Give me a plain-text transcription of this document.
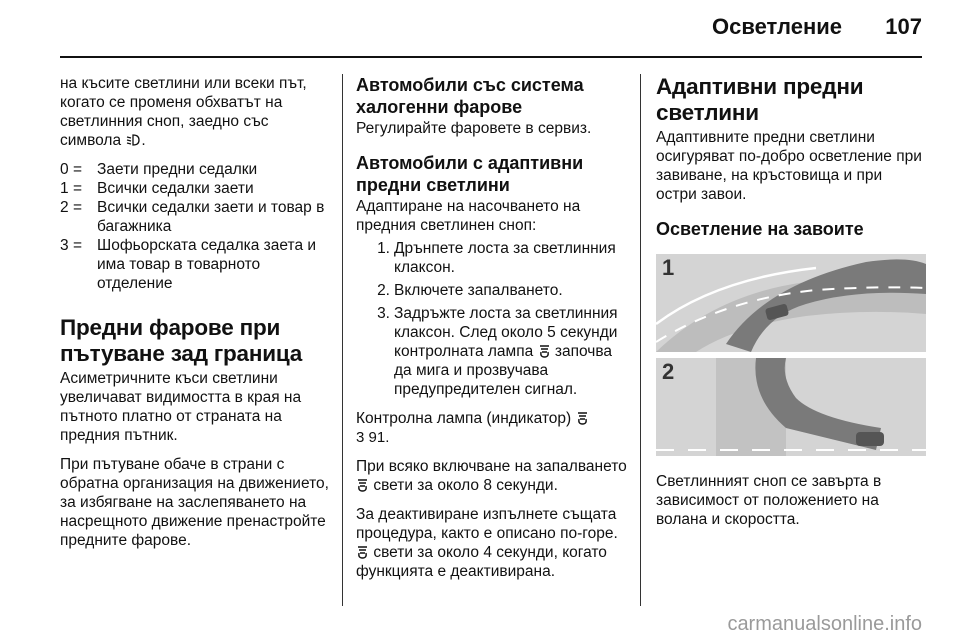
Осветление 107

на късите светлини или всеки път, когато се променя обхватът на светлинния сноп, заедно със символа .

0 = Заети предни седалки
1 = Всички седалки заети
2 = Всички седалки заети и товар в багажника
3 = Шофьорската седалка заета и има товар в товарното отделение
Предни фарове при пътуване зад граница

Асиметричните къси светлини увеличават видимостта в края на пътното платно от страната на предния пътник.

При пътуване обаче в страни с обратна организация на движението, за избягване на заслепяването на насрещното движение пренастройте предните фарове.

Автомобили със система халогенни фарове

Регулирайте фаровете в сервиз.

Автомобили с адаптивни предни светлини

Адаптиране на насочването на предния светлинен сноп:

1. Дрънпете лоста за светлинния клаксон.
2. Включете запалването.
3. Задръжте лоста за светлинния клаксон. След около 5 секунди контролната лампа започва да мига и прозвучава предупредителен сигнал.

Контролна лампа (индикатор)
3 91.

При всяко включване на запалването  свети за около 8 секунди.

За деактивиране изпълнете същата процедура, както е описано по-горе.  свети за около 4 секунди, когато функцията е деактивирана.

Адаптивни предни светлини

Адаптивните предни светлини осигуряват по-добро осветление при завиване, на кръстовища и при остри завои.

Осветление на завоите
1
2

Светлинният сноп се завърта в зависимост от положението на волана и скоростта.

carmanualsonline.info
